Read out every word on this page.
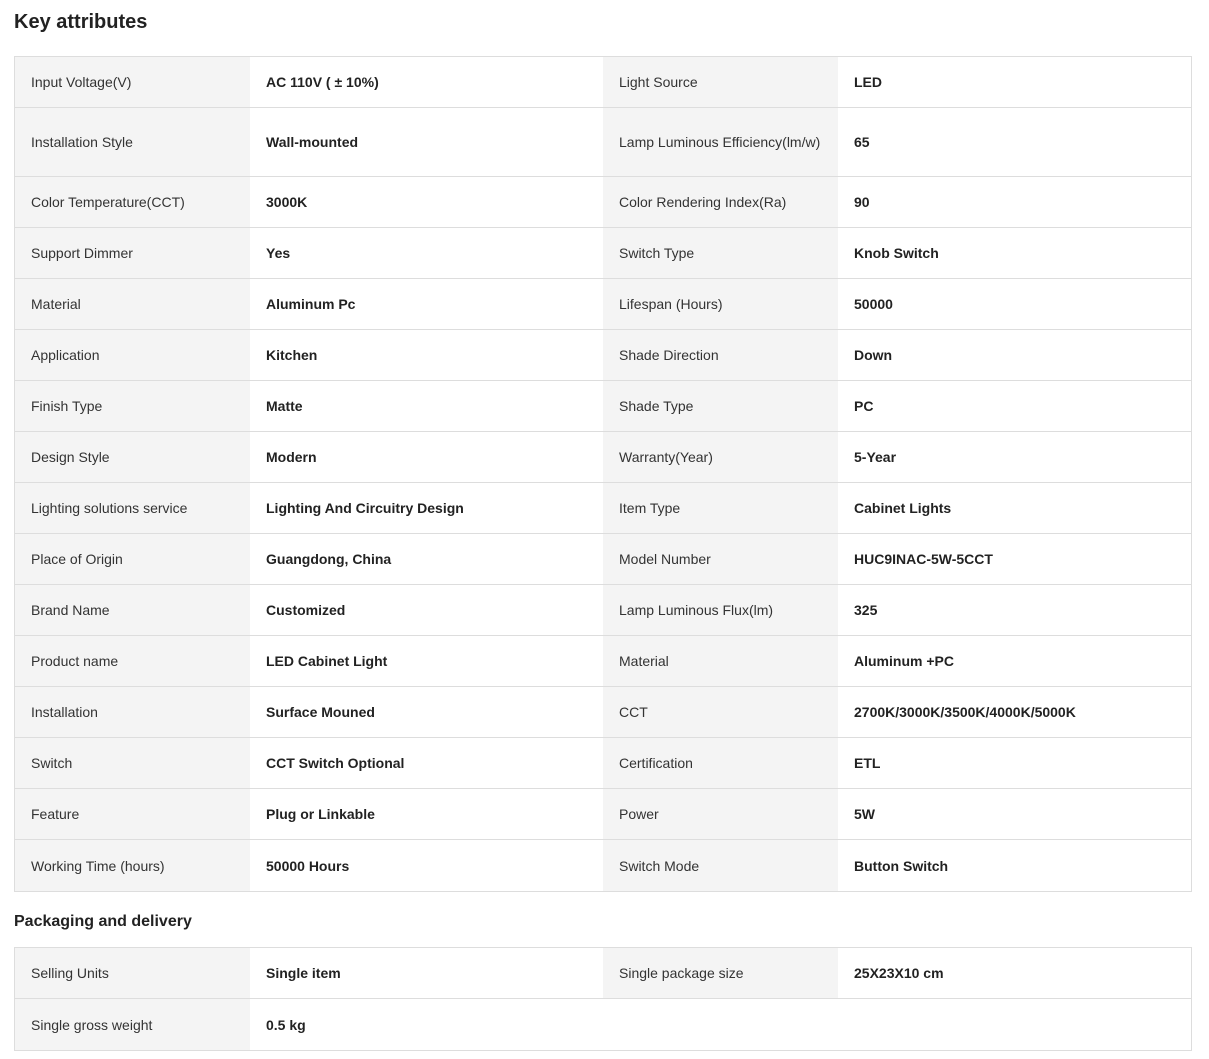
Key attributes
Input Voltage(V)	AC 110V ( ± 10%)	Light Source	LED
Installation Style	Wall-mounted	Lamp Luminous Efficiency(lm/w)	65
Color Temperature(CCT)	3000K	Color Rendering Index(Ra)	90
Support Dimmer	Yes	Switch Type	Knob Switch
Material	Aluminum Pc	Lifespan (Hours)	50000
Application	Kitchen	Shade Direction	Down
Finish Type	Matte	Shade Type	PC
Design Style	Modern	Warranty(Year)	5-Year
Lighting solutions service	Lighting And Circuitry Design	Item Type	Cabinet Lights
Place of Origin	Guangdong, China	Model Number	HUC9INAC-5W-5CCT
Brand Name	Customized	Lamp Luminous Flux(lm)	325
Product name	LED Cabinet Light	Material	Aluminum +PC
Installation	Surface Mouned	CCT	2700K/3000K/3500K/4000K/5000K
Switch	CCT Switch Optional	Certification	ETL
Feature	Plug or Linkable	Power	5W
Working Time (hours)	50000 Hours	Switch Mode	Button Switch
Packaging and delivery
Selling Units	Single item	Single package size	25X23X10 cm
Single gross weight	0.5 kg
